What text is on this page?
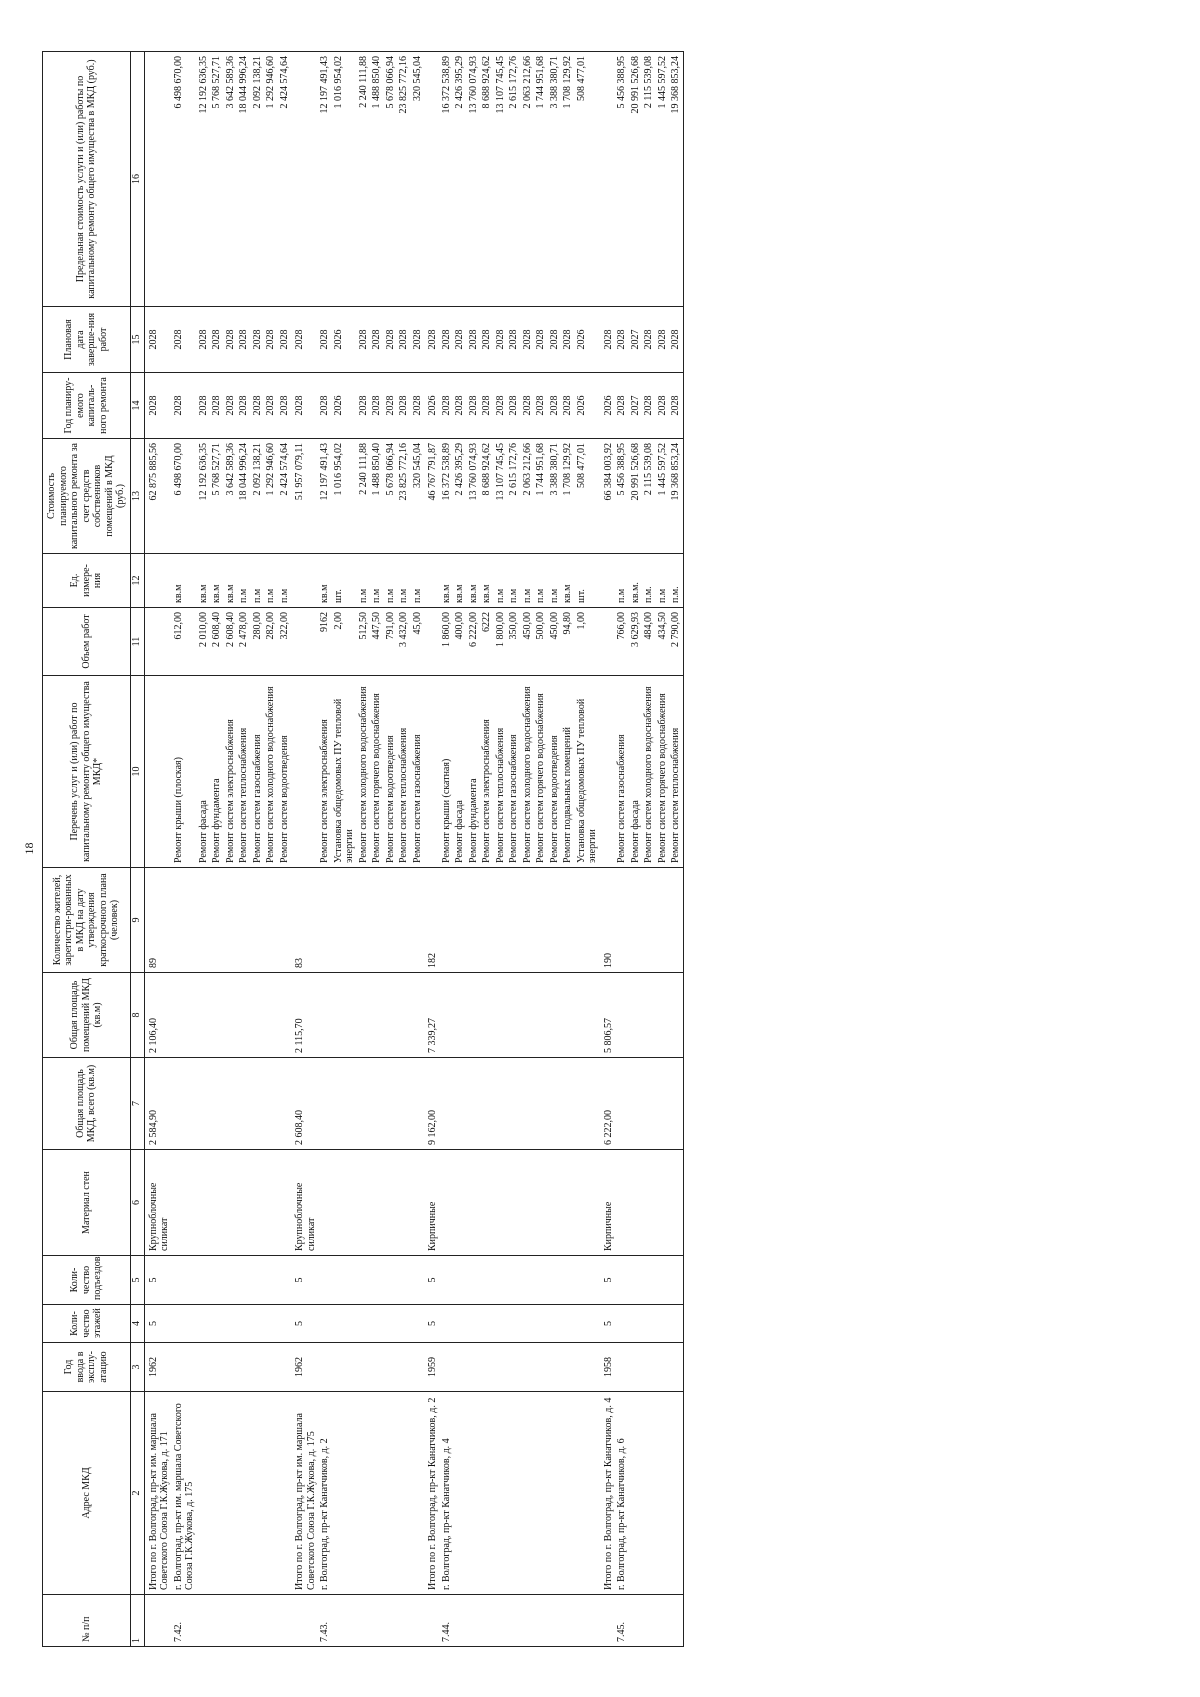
18
№ п/п	Адрес МКД	Год ввода в эксплу-атацию	Коли-чество этажей	Коли-чество подъездов	Материал стен	Общая площадь МКД, всего (кв.м)	Общая площадь помещений МКД (кв.м)	Количество жителей, зарегистри-рованных в МКД на дату утверждения краткосрочного плана (человек)	Перечень услуг и (или) работ по капитальному ремонту общего имущества МКД*	Объем работ	Ед. измере-ния	Стоимость планируемого капитального ремонта за счет средств собственников помещений в МКД (руб.)	Год планиру-емого капиталь-ного ремонта	Плановая дата заверше-ния работ	Предельная стоимость услуги и (или) работы по капитальному ремонту общего имущества в МКД (руб.)
1	2	3	4	5	6	7	8	9	10	11	12	13	14	15	16
	Итого по г. Волгоград, пр-кт им. маршала Советского Союза Г.К.Жукова, д. 171	1962	5	5	Крупноблочные силикат	2 584,90	2 106,40	89				62 875 885,56	2028	2028	
7.42.	г. Волгоград, пр-кт им. маршала Советского Союза Г.К.Жукова, д. 175								Ремонт крыши (плоская)	612,00	кв.м	6 498 670,00	2028	2028	6 498 670,00
									Ремонт фасада	2 010,00	кв.м	12 192 636,35	2028	2028	12 192 636,35
									Ремонт фундамента	2 608,40	кв.м	5 768 527,71	2028	2028	5 768 527,71
									Ремонт систем электроснабжения	2 608,40	кв.м	3 642 589,36	2028	2028	3 642 589,36
									Ремонт систем теплоснабжения	2 478,00	п.м	18 044 996,24	2028	2028	18 044 996,24
									Ремонт систем газоснабжения	280,00	п.м	2 092 138,21	2028	2028	2 092 138,21
									Ремонт систем холодного водоснабжения	282,00	п.м	1 292 946,60	2028	2028	1 292 946,60
									Ремонт систем водоотведения	322,00	п.м	2 424 574,64	2028	2028	2 424 574,64
	Итого по г. Волгоград, пр-кт им. маршала Советского Союза Г.К.Жукова, д. 175	1962	5	5	Крупноблочные силикат	2 608,40	2 115,70	83				51 957 079,11	2028	2028	
7.43.	г. Волгоград, пр-кт Канатчиков, д. 2								Ремонт систем электроснабжения	9162	кв.м	12 197 491,43	2028	2028	12 197 491,43
									Установка общедомовых ПУ тепловой энергии	2,00	шт.	1 016 954,02	2026	2026	1 016 954,02
									Ремонт систем холодного водоснабжения	512,50	п.м	2 240 111,88	2028	2028	2 240 111,88
									Ремонт систем горячего водоснабжения	447,50	п.м	1 488 850,40	2028	2028	1 488 850,40
									Ремонт систем водоотведения	791,00	п.м	5 678 066,94	2028	2028	5 678 066,94
									Ремонт систем теплоснабжения	3 432,00	п.м	23 825 772,16	2028	2028	23 825 772,16
									Ремонт систем газоснабжения	45,00	п.м	320 545,04	2028	2028	320 545,04
	Итого по г. Волгоград, пр-кт Канатчиков, д. 2	1959	5	5	Кирпичные	9 162,00	7 339,27	182				46 767 791,87	2026	2028	
7.44.	г. Волгоград, пр-кт Канатчиков, д. 4								Ремонт крыши (скатная)	1 860,00	кв.м	16 372 538,89	2028	2028	16 372 538,89
									Ремонт фасада	400,00	кв.м	2 426 395,29	2028	2028	2 426 395,29
									Ремонт фундамента	6 222,00	кв.м	13 760 074,93	2028	2028	13 760 074,93
									Ремонт систем электроснабжения	6222	кв.м	8 688 924,62	2028	2028	8 688 924,62
									Ремонт систем теплоснабжения	1 800,00	п.м	13 107 745,45	2028	2028	13 107 745,45
									Ремонт систем газоснабжения	350,00	п.м	2 615 172,76	2028	2028	2 615 172,76
									Ремонт систем холодного водоснабжения	450,00	п.м	2 063 212,66	2028	2028	2 063 212,66
									Ремонт систем горячего водоснабжения	500,00	п.м	1 744 951,68	2028	2028	1 744 951,68
									Ремонт систем водоотведения	450,00	п.м	3 388 380,71	2028	2028	3 388 380,71
									Ремонт подвальных помещений	94,80	кв.м	1 708 129,92	2028	2028	1 708 129,92
									Установка общедомовых ПУ тепловой энергии	1,00	шт.	508 477,01	2026	2026	508 477,01
	Итого по г. Волгоград, пр-кт Канатчиков, д. 4	1958	5	5	Кирпичные	6 222,00	5 806,57	190				66 384 003,92	2026	2028	
7.45.	г. Волгоград, пр-кт Канатчиков, д. 6								Ремонт систем газоснабжения	766,00	п.м	5 456 388,95	2028	2028	5 456 388,95
									Ремонт фасада	3 629,93	кв.м.	20 991 526,68	2027	2027	20 991 526,68
									Ремонт систем холодного водоснабжения	484,00	п.м.	2 115 539,08	2028	2028	2 115 539,08
									Ремонт систем горячего водоснабжения	434,50	п.м	1 445 597,52	2028	2028	1 445 597,52
									Ремонт систем теплоснабжения	2 790,00	п.м.	19 368 853,24	2028	2028	19 368 853,24
